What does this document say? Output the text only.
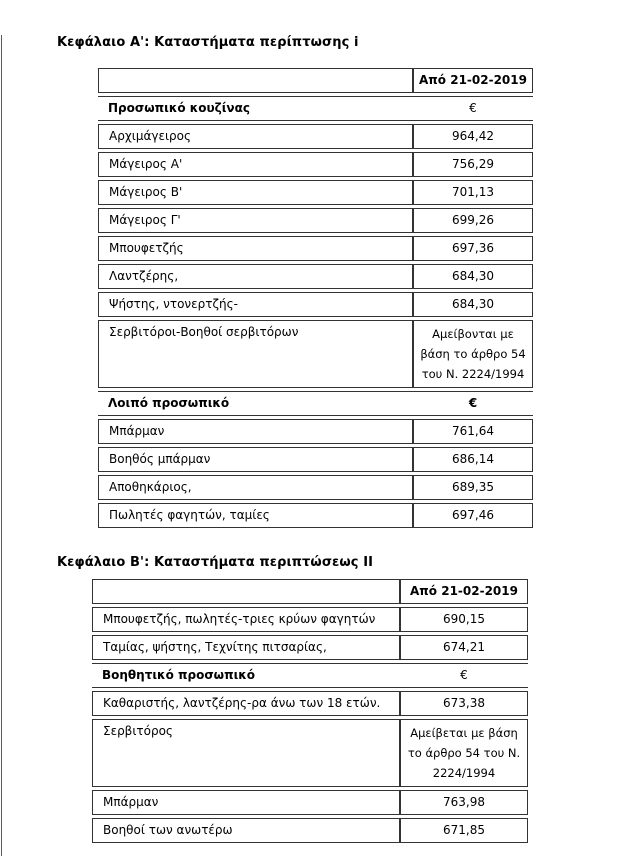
Κεφάλαιο Α': Καταστήματα περίπτωσης i
	Από 21-02-2019
Προσωπικό κουζίνας	€
Αρχιμάγειρος	964,42
Μάγειρος Α'	756,29
Μάγειρος Β'	701,13
Μάγειρος Γ'	699,26
Μπουφετζής	697,36
Λαντζέρης,	684,30
Ψήστης, ντονερτζής-	684,30
Σερβιτόροι-Βοηθοί σερβιτόρων	Αμείβονται με βάση το άρθρο 54 του Ν. 2224/1994
Λοιπό προσωπικό	€
Μπάρμαν	761,64
Βοηθός μπάρμαν	686,14
Αποθηκάριος,	689,35
Πωλητές φαγητών, ταμίες	697,46
Κεφάλαιο Β': Καταστήματα περιπτώσεως II
	Από 21-02-2019
Μπουφετζής, πωλητές-τριες κρύων φαγητών	690,15
Ταμίας, ψήστης, Τεχνίτης πιτσαρίας,	674,21
Βοηθητικό προσωπικό	€
Καθαριστής, λαντζέρης-ρα άνω των 18 ετών.	673,38
Σερβιτόρος	Αμείβεται με βάση το άρθρο 54 του Ν. 2224/1994
Μπάρμαν	763,98
Βοηθοί των ανωτέρω	671,85
